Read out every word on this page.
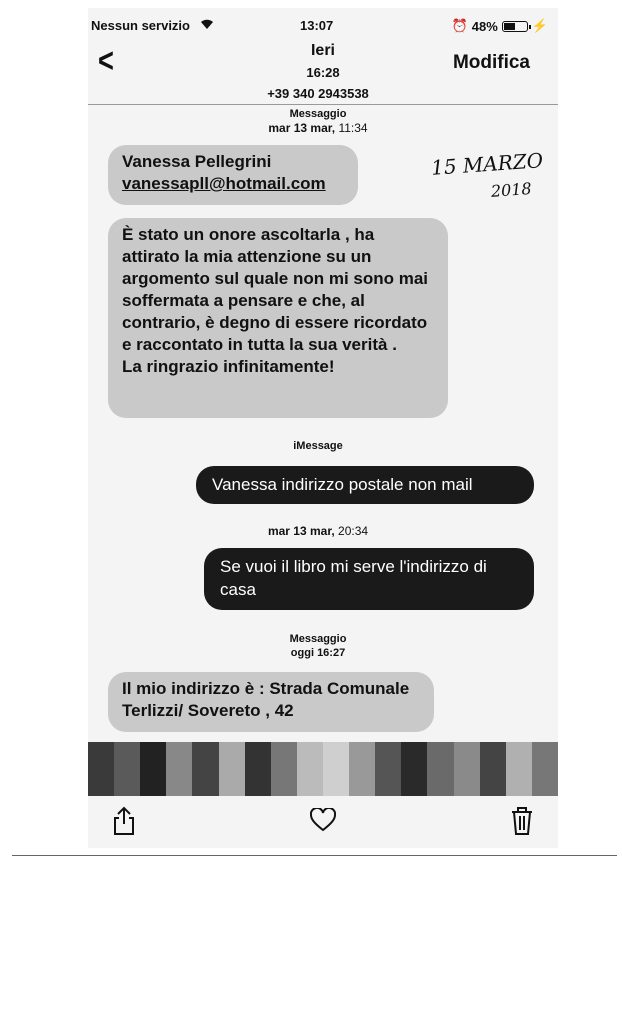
Nessun servizio	13:07	⏰ 48%	⚡
<	Ieri
16:28	Modifica
+39 340 2943538
Messaggio
mar 13 mar, 11:34
Vanessa Pellegrini
vanessapll@hotmail.com
È stato un onore ascoltarla , ha attirato la mia attenzione su un argomento sul quale non mi sono mai soffermata a pensare e che, al contrario, è degno di essere ricordato e raccontato in tutta la sua verità .
La ringrazio infinitamente!
iMessage
Vanessa indirizzo postale non mail
mar 13 mar, 20:34
Se vuoi il libro mi serve l'indirizzo di casa
Messaggio
oggi 16:27
Il mio indirizzo è : Strada Comunale Terlizzi/ Sovereto , 42
15 MARZO
2018
